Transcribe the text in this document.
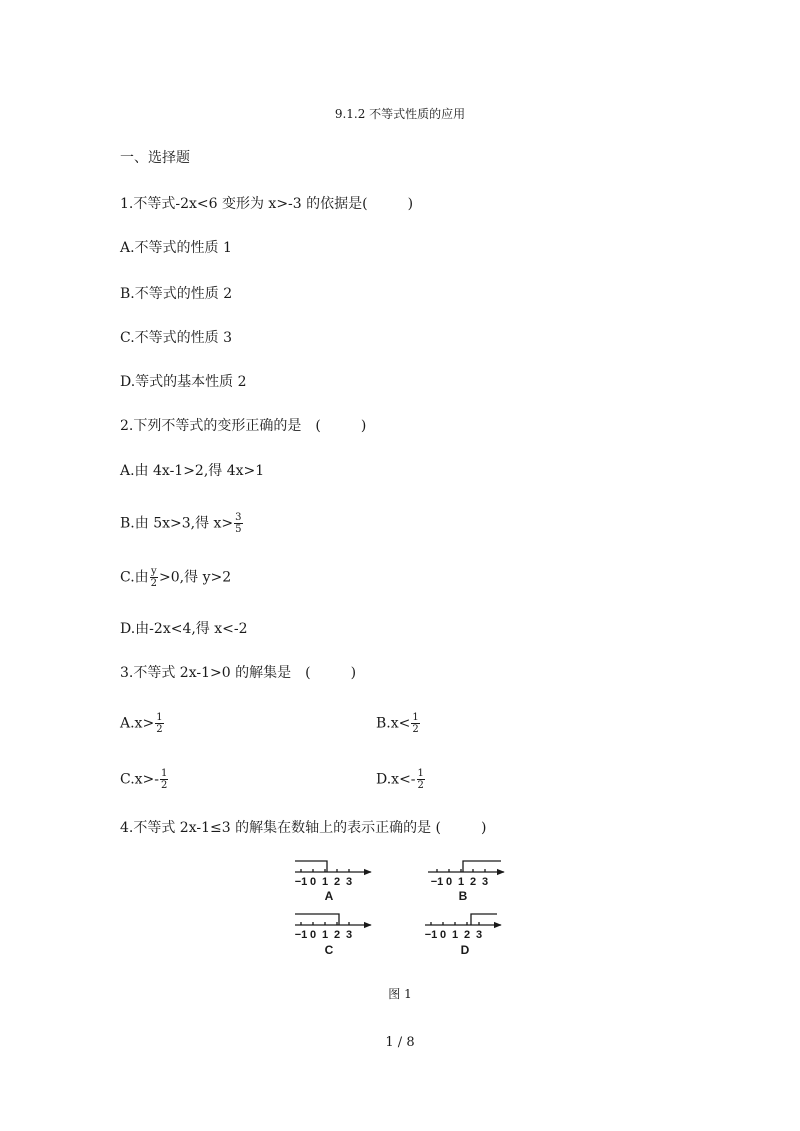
9.1.2 不等式性质的应用
一、选择题
1.不等式-2x<6 变形为 x>-3 的依据是(	)
A.不等式的性质 1
B.不等式的性质 2
C.不等式的性质 3
D.等式的基本性质 2
2.下列不等式的变形正确的是　(	)
A.由 4x-1>2,得 4x>1
B.由 5x>3,得 $x> \frac{3}{5}$
C.由 $\frac{y}{2} >0$,得 y>2
D.由-2x<4,得 x<-2
3.不等式 2x-1>0 的解集是　(	)
$A.x> \frac{1}{2}$	$B.x< \frac{1}{2}$
$C.x>- \frac{1}{2}$	$D.x<- \frac{1}{2}$
4.不等式 2x-1≤3 的解集在数轴上的表示正确的是 (	)
−1 0 1 2 3
A
−1 0 1 2 3
B
−1 0 1 2 3
C
−1 0 1 2 3
D
图 1
1 / 8
